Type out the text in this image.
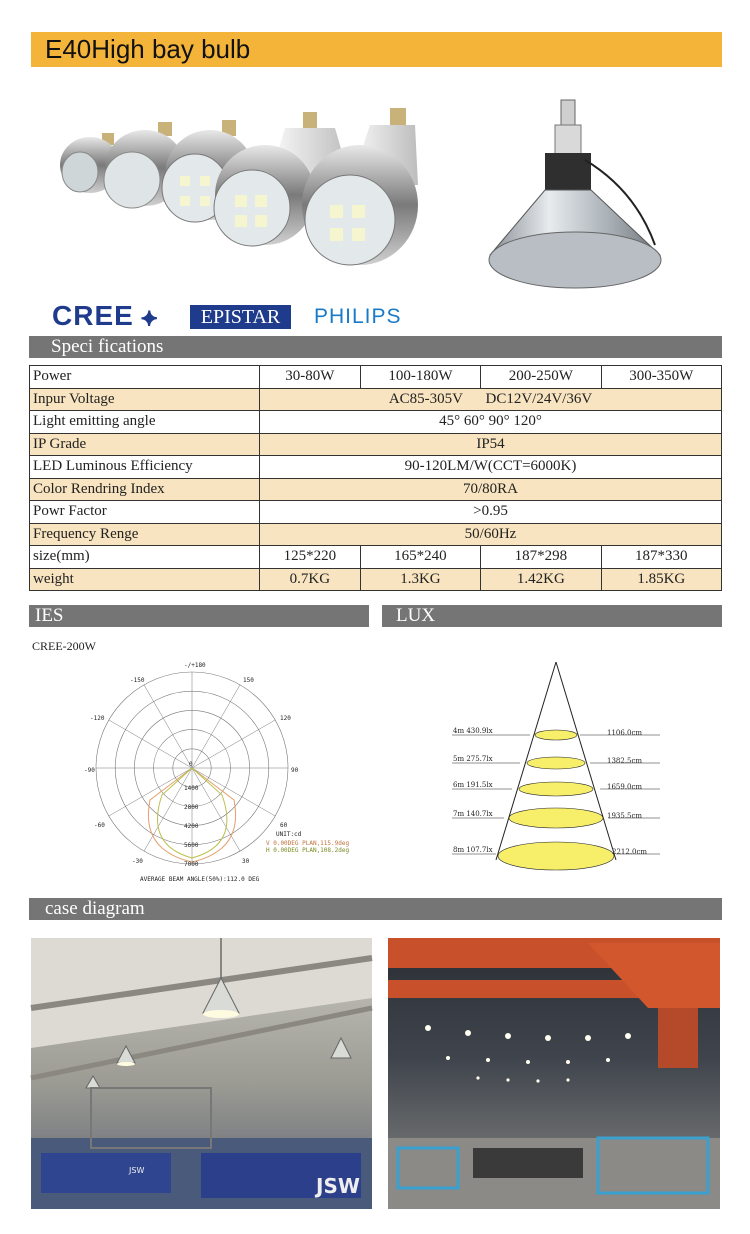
E40High bay bulb
CREE ⯌	EPISTAR	PHILIPS
Speci fications
Power	30-80W	100-180W	200-250W	300-350W
Inpur Voltage	AC85-305V DC12V/24V/36V			
Light emitting angle	45° 60° 90° 120°			
IP Grade	IP54			
LED Luminous Efficiency	90-120LM/W(CCT=6000K)			
Color Rendring Index	70/80RA			
Powr Factor	>0.95			
Frequency Renge	50/60Hz			
size(mm)	125*220	165*240	187*298	187*330
weight	0.7KG	1.3KG	1.42KG	1.85KG
IES	LUX
CREE-200W
-/+180
-150	150
-120	120
-90	90
-60	60
-30
0
30
1400
2800
4200
5600
7000
UNIT:cd
V 0.00DEG PLAN,115.9deg
H 0.00DEG PLAN,108.2deg
AVERAGE BEAM ANGLE(50%):112.0 DEG
4m 430.9lx	1106.0cm
5m 275.7lx	1382.5cm
6m 191.5lx	1659.0cm
7m 140.7lx	1935.5cm
8m 107.7lx	2212.0cm
case diagram
JSW
JSW
